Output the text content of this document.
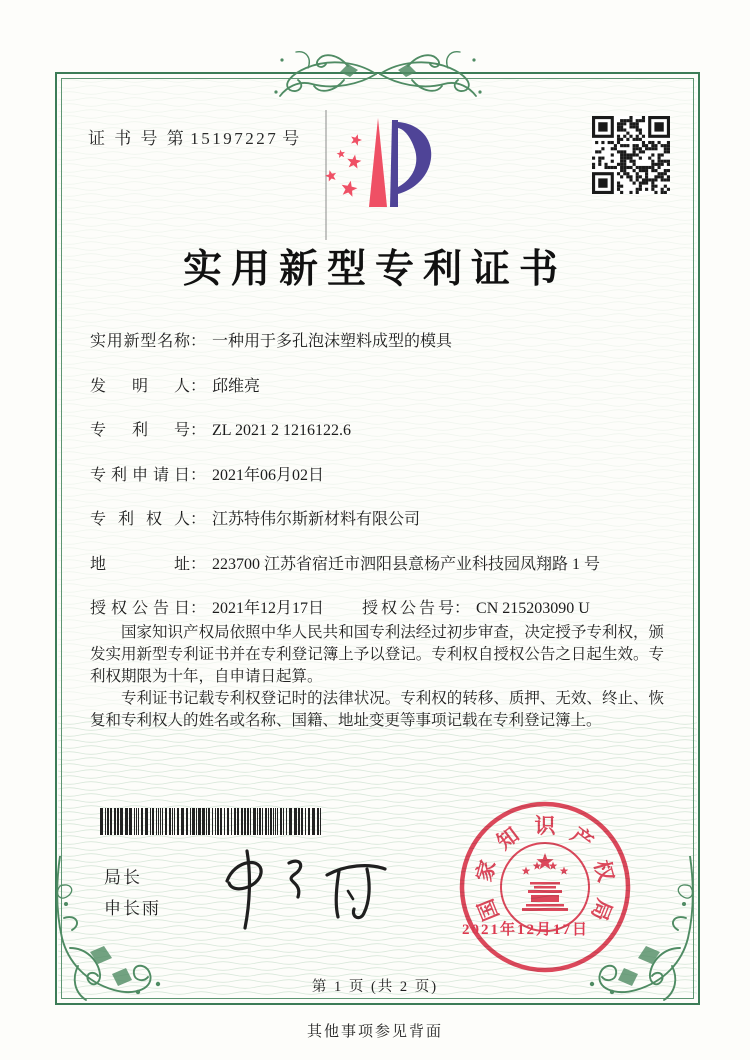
证 书 号 第 15197227 号
实用新型专利证书
实用新型名称： 一种用于多孔泡沫塑料成型的模具
发明人： 邱维亮
专利号： ZL 2021 2 1216122.6
专利申请日： 2021年06月02日
专利权人： 江苏特伟尔斯新材料有限公司
地址： 223700 江苏省宿迁市泗阳县意杨产业科技园凤翔路 1 号
授权公告日： 2021年12月17日 授权公告号： CN 215203090 U

国家知识产权局依照中华人民共和国专利法经过初步审查，决定授予专利权，颁发实用新型专利证书并在专利登记簿上予以登记。专利权自授权公告之日起生效。专利权期限为十年，自申请日起算。

专利证书记载专利权登记时的法律状况。专利权的转移、质押、无效、终止、恢复和专利权人的姓名或名称、国籍、地址变更等事项记载在专利登记簿上。

局长
申长雨	国
家
知 识 产
权
局
2021年12月17日
第 1 页 (共 2 页)
其他事项参见背面
